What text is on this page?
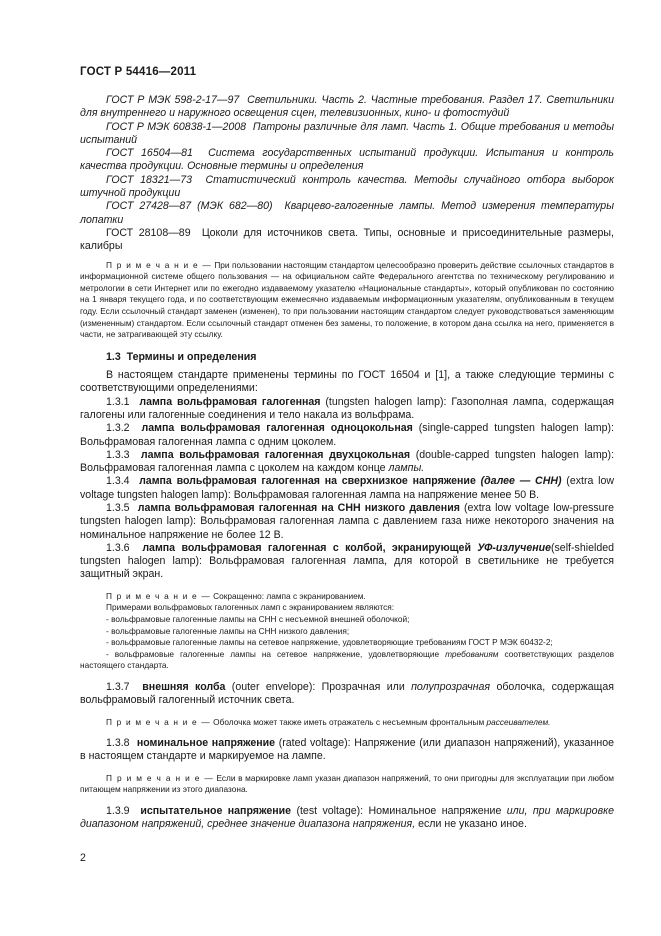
ГОСТ Р 54416—2011

ГОСТ Р МЭК 598-2-17—97 Светильники. Часть 2. Частные требования. Раздел 17. Светильники для внутреннего и наружного освещения сцен, телевизионных, кино- и фотостудий

ГОСТ Р МЭК 60838-1—2008 Патроны различные для ламп. Часть 1. Общие требования и методы испытаний

ГОСТ 16504—81 Система государственных испытаний продукции. Испытания и контроль качества продукции. Основные термины и определения

ГОСТ 18321—73 Статистический контроль качества. Методы случайного отбора выборок штучной продукции

ГОСТ 27428—87 (МЭК 682—80) Кварцево-галогенные лампы. Метод измерения температуры лопатки

ГОСТ 28108—89 Цоколи для источников света. Типы, основные и присоединительные размеры, калибры

П р и м е ч а н и е — При пользовании настоящим стандартом целесообразно проверить действие ссылочных стандартов в информационной системе общего пользования — на официальном сайте Федерального агентства по техническому регулированию и метрологии в сети Интернет или по ежегодно издаваемому указателю «Национальные стандарты», который опубликован по состоянию на 1 января текущего года, и по соответствующим ежемесячно издаваемым информационным указателям, опубликованным в текущем году. Если ссылочный стандарт заменен (изменен), то при пользовании настоящим стандартом следует руководствоваться заменяющим (измененным) стандартом. Если ссылочный стандарт отменен без замены, то положение, в котором дана ссылка на него, применяется в части, не затрагивающей эту ссылку.

1.3 Термины и определения

В настоящем стандарте применены термины по ГОСТ 16504 и [1], а также следующие термины с соответствующими определениями:

1.3.1 лампа вольфрамовая галогенная (tungsten halogen lamp): Газополная лампа, содержащая галогены или галогенные соединения и тело накала из вольфрама.

1.3.2 лампа вольфрамовая галогенная одноцокольная (single-capped tungsten halogen lamp): Вольфрамовая галогенная лампа с одним цоколем.

1.3.3 лампа вольфрамовая галогенная двухцокольная (double-capped tungsten halogen lamp): Вольфрамовая галогенная лампа с цоколем на каждом конце лампы.

1.3.4 лампа вольфрамовая галогенная на сверхнизкое напряжение (далее — СНН) (extra low voltage tungsten halogen lamp): Вольфрамовая галогенная лампа на напряжение менее 50 В.

1.3.5 лампа вольфрамовая галогенная на СНН низкого давления (extra low voltage low-pressure tungsten halogen lamp): Вольфрамовая галогенная лампа с давлением газа ниже некоторого значения на номинальное напряжение не более 12 В.

1.3.6 лампа вольфрамовая галогенная с колбой, экранирующей УФ-излучение(self-shielded tungsten halogen lamp): Вольфрамовая галогенная лампа, для которой в светильнике не требуется защитный экран.

П р и м е ч а н и е — Сокращенно: лампа с экранированием.

Примерами вольфрамовых галогенных ламп с экранированием являются:

- вольфрамовые галогенные лампы на СНН с несъемной внешней оболочкой;

- вольфрамовые галогенные лампы на СНН низкого давления;

- вольфрамовые галогенные лампы на сетевое напряжение, удовлетворяющие требованиям ГОСТ Р МЭК 60432-2;

- вольфрамовые галогенные лампы на сетевое напряжение, удовлетворяющие требованиям соответствующих разделов настоящего стандарта.

1.3.7 внешняя колба (outer envelope): Прозрачная или полупрозрачная оболочка, содержащая вольфрамовый галогенный источник света.

П р и м е ч а н и е — Оболочка может также иметь отражатель с несъемным фронтальным рассеивателем.

1.3.8 номинальное напряжение (rated voltage): Напряжение (или диапазон напряжений), указанное в настоящем стандарте и маркируемое на лампе.

П р и м е ч а н и е — Если в маркировке ламп указан диапазон напряжений, то они пригодны для эксплуатации при любом питающем напряжении из этого диапазона.

1.3.9 испытательное напряжение (test voltage): Номинальное напряжение или, при маркировке диапазоном напряжений, среднее значение диапазона напряжения, если не указано иное.

2
